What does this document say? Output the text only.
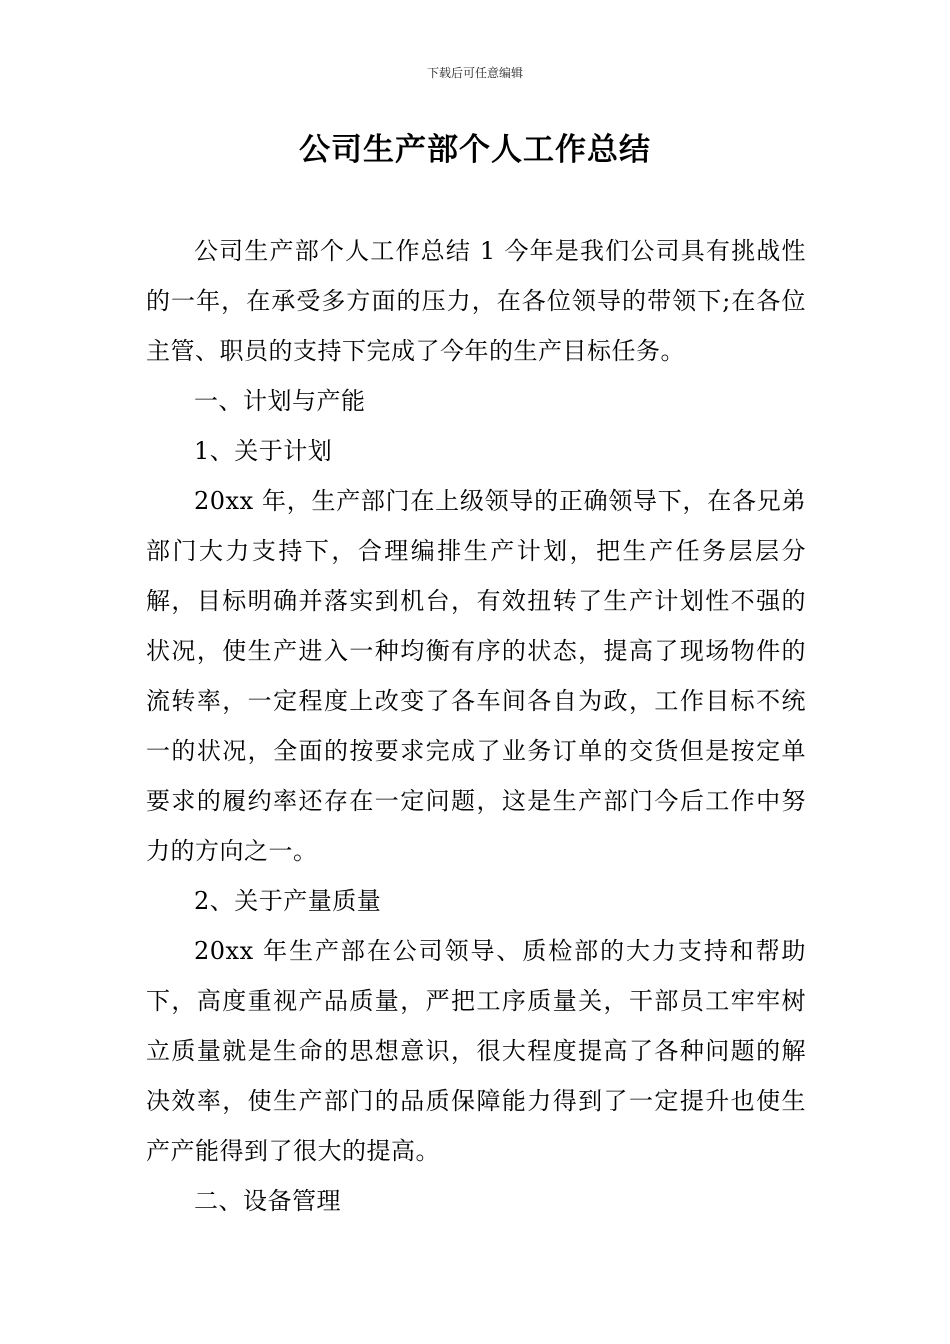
下载后可任意编辑
公司生产部个人工作总结

公司生产部个人工作总结 1 今年是我们公司具有挑战性的一年，在承受多方面的压力，在各位领导的带领下;在各位主管、职员的支持下完成了今年的生产目标任务。

一、计划与产能

1、关于计划

20xx 年，生产部门在上级领导的正确领导下，在各兄弟部门大力支持下，合理编排生产计划，把生产任务层层分解，目标明确并落实到机台，有效扭转了生产计划性不强的状况，使生产进入一种均衡有序的状态，提高了现场物件的流转率，一定程度上改变了各车间各自为政，工作目标不统一的状况，全面的按要求完成了业务订单的交货但是按定单要求的履约率还存在一定问题，这是生产部门今后工作中努力的方向之一。

2、关于产量质量

20xx 年生产部在公司领导、质检部的大力支持和帮助下，高度重视产品质量，严把工序质量关，干部员工牢牢树立质量就是生命的思想意识，很大程度提高了各种问题的解决效率，使生产部门的品质保障能力得到了一定提升也使生产产能得到了很大的提高。

二、设备管理
